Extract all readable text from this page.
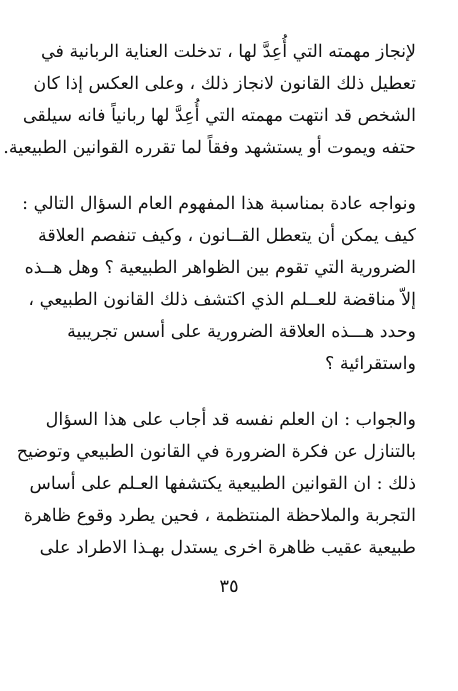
لإنجاز مهمته التي أُعِدَّ لها ، تدخلت العناية الربانية في
تعطيل ذلك القانون لانجاز ذلك ، وعلى العكس إذا كان
الشخص قد انتهت مهمته التي أُعِدَّ لها ربانياً فانه سيلقى
حتفه ويموت أو يستشهد وفقاً لما تقرره القوانين الطبيعية.
ونواجه عادة بمناسبة هذا المفهوم العام السؤال التالي :
كيف يمكن أن يتعطل القــانون ، وكيف تنفصم العلاقة
الضرورية التي تقوم بين الظواهر الطبيعية ؟ وهل هــذه
إلاّ مناقضة للعــلم الذي اكتشف ذلك القانون الطبيعي ،
وحدد هـــذه العلاقة الضرورية على أسس تجريبية
واستقرائية ؟
والجواب : ان العلم نفسه قد أجاب على هذا السؤال
بالتنازل عن فكرة الضرورة في القانون الطبيعي وتوضيح
ذلك : ان القوانين الطبيعية يكتشفها العـلم على أساس
التجربة والملاحظة المنتظمة ، فحين يطرد وقوع ظاهرة
طبيعية عقيب ظاهرة اخرى يستدل بهـذا الاطراد على
٣٥
